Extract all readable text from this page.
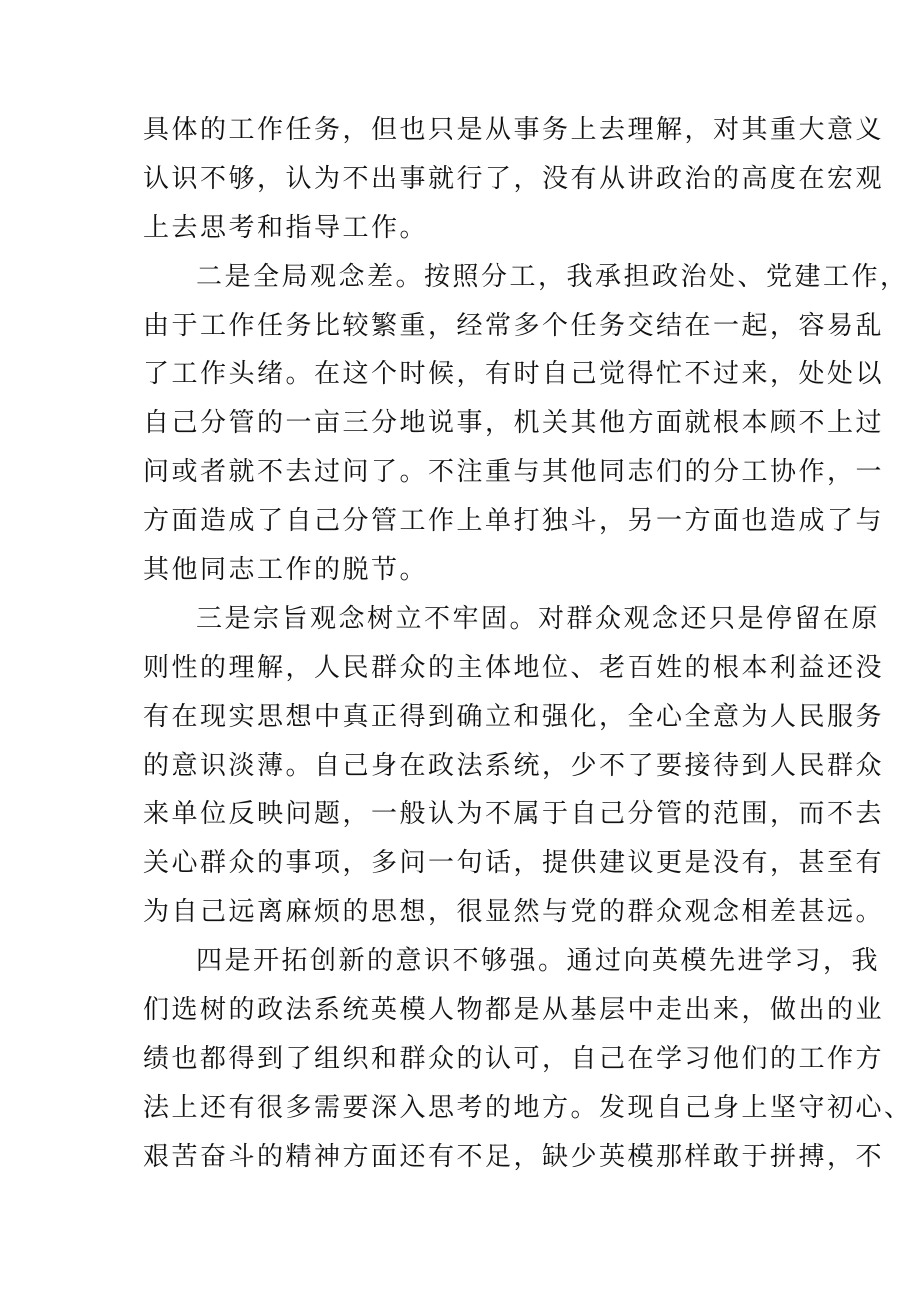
具体的工作任务，但也只是从事务上去理解，对其重大意义
认识不够，认为不出事就行了，没有从讲政治的高度在宏观
上去思考和指导工作。
二是全局观念差。按照分工，我承担政治处、党建工作，
由于工作任务比较繁重，经常多个任务交结在一起，容易乱
了工作头绪。在这个时候，有时自己觉得忙不过来，处处以
自己分管的一亩三分地说事，机关其他方面就根本顾不上过
问或者就不去过问了。不注重与其他同志们的分工协作，一
方面造成了自己分管工作上单打独斗，另一方面也造成了与
其他同志工作的脱节。
三是宗旨观念树立不牢固。对群众观念还只是停留在原
则性的理解，人民群众的主体地位、老百姓的根本利益还没
有在现实思想中真正得到确立和强化，全心全意为人民服务
的意识淡薄。自己身在政法系统，少不了要接待到人民群众
来单位反映问题，一般认为不属于自己分管的范围，而不去
关心群众的事项，多问一句话，提供建议更是没有，甚至有
为自己远离麻烦的思想，很显然与党的群众观念相差甚远。
四是开拓创新的意识不够强。通过向英模先进学习，我
们选树的政法系统英模人物都是从基层中走出来，做出的业
绩也都得到了组织和群众的认可，自己在学习他们的工作方
法上还有很多需要深入思考的地方。发现自己身上坚守初心、
艰苦奋斗的精神方面还有不足，缺少英模那样敢于拼搏，不
